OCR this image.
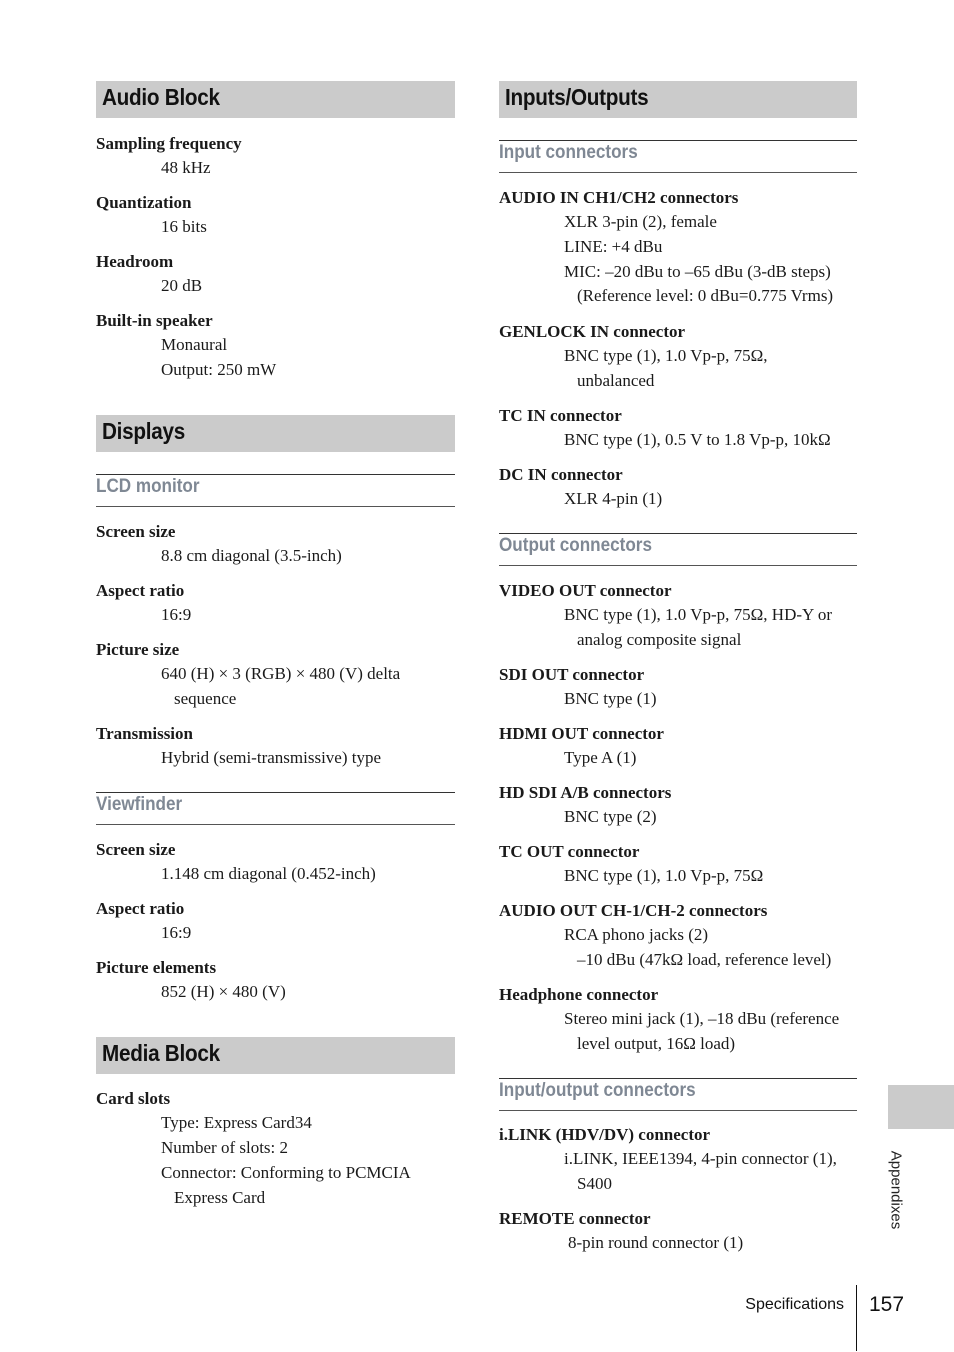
Audio Block
Sampling frequency
48 kHz
Quantization
16 bits
Headroom
20 dB
Built-in speaker
Monaural
Output: 250 mW
Displays
LCD monitor
Screen size
8.8 cm diagonal (3.5-inch)
Aspect ratio
16:9
Picture size
640 (H) × 3 (RGB) × 480 (V) delta
sequence
Transmission
Hybrid (semi-transmissive) type
Viewfinder
Screen size
1.148 cm diagonal (0.452-inch)
Aspect ratio
16:9
Picture elements
852 (H) × 480 (V)
Media Block
Card slots
Type: Express Card34
Number of slots: 2
Connector: Conforming to PCMCIA
Express Card
Inputs/Outputs
Input connectors
AUDIO IN CH1/CH2 connectors
XLR 3-pin (2), female
LINE: +4 dBu
MIC: –20 dBu to –65 dBu (3-dB steps)
(Reference level: 0 dBu=0.775 Vrms)
GENLOCK IN connector
BNC type (1), 1.0 Vp-p, 75Ω,
unbalanced
TC IN connector
BNC type (1), 0.5 V to 1.8 Vp-p, 10kΩ
DC IN connector
XLR 4-pin (1)
Output connectors
VIDEO OUT connector
BNC type (1), 1.0 Vp-p, 75Ω, HD-Y or
analog composite signal
SDI OUT connector
BNC type (1)
HDMI OUT connector
Type A (1)
HD SDI A/B connectors
BNC type (2)
TC OUT connector
BNC type (1), 1.0 Vp-p, 75Ω
AUDIO OUT CH-1/CH-2 connectors
RCA phono jacks (2)
–10 dBu (47kΩ load, reference level)
Headphone connector
Stereo mini jack (1), –18 dBu (reference
level output, 16Ω load)
Input/output connectors
i.LINK (HDV/DV) connector
i.LINK, IEEE1394, 4-pin connector (1),
S400
REMOTE connector
8-pin round connector (1)
Appendixes
Specifications 157
